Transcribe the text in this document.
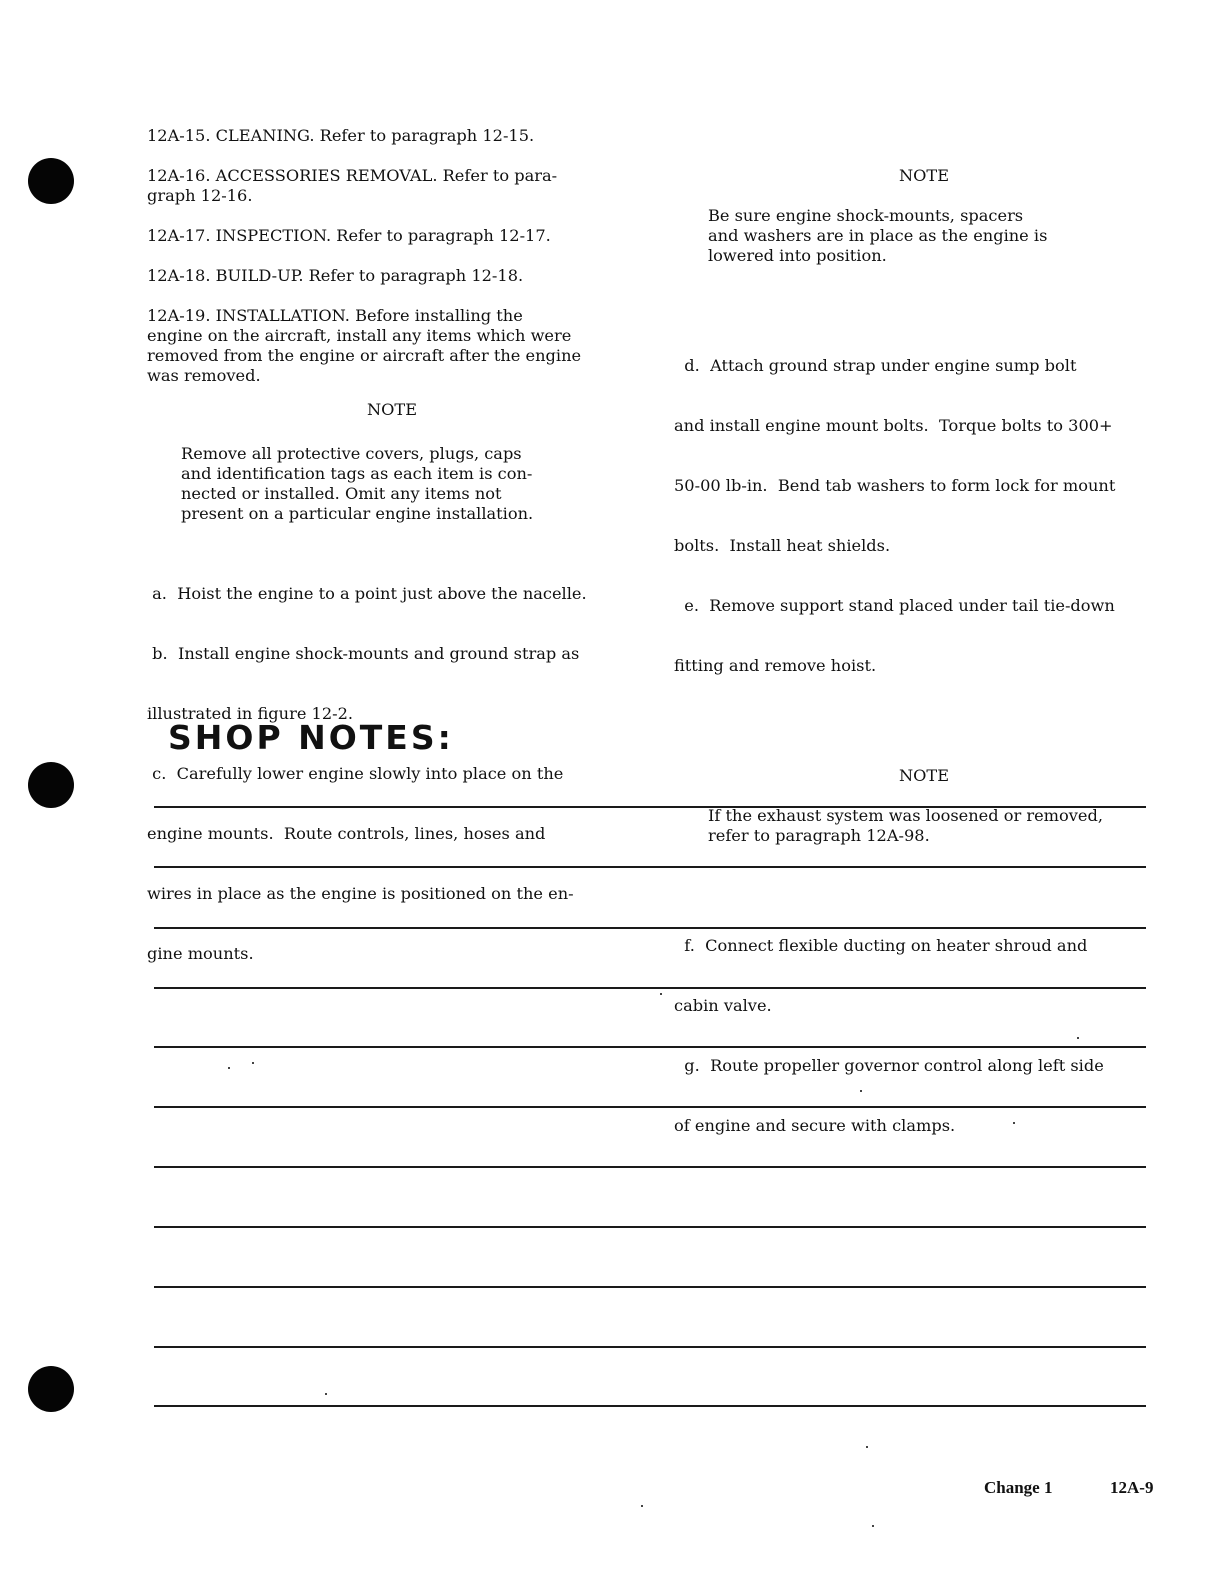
12A-15. CLEANING. Refer to paragraph 12-15.

12A-16. ACCESSORIES REMOVAL. Refer to para-

graph 12-16.

12A-17. INSPECTION. Refer to paragraph 12-17.

12A-18. BUILD-UP. Refer to paragraph 12-18.

12A-19. INSTALLATION. Before installing the

engine on the aircraft, install any items which were

removed from the engine or aircraft after the engine

was removed.

NOTE

Remove all protective covers, plugs, caps

and identification tags as each item is con-

nected or installed. Omit any items not

present on a particular engine installation.

a.  Hoist the engine to a point just above the nacelle.

b.  Install engine shock-mounts and ground strap as

illustrated in figure 12-2.

c.  Carefully lower engine slowly into place on the

engine mounts.  Route controls, lines, hoses and

wires in place as the engine is positioned on the en-

gine mounts.

NOTE

Be sure engine shock-mounts, spacers

and washers are in place as the engine is

lowered into position.

d.  Attach ground strap under engine sump bolt

and install engine mount bolts.  Torque bolts to 300+

50-00 lb-in.  Bend tab washers to form lock for mount

bolts.  Install heat shields.

e.  Remove support stand placed under tail tie-down

fitting and remove hoist.

NOTE

If the exhaust system was loosened or removed,

refer to paragraph 12A-98.

f.  Connect flexible ducting on heater shroud and

cabin valve.

g.  Route propeller governor control along left side

of engine and secure with clamps.

SHOP NOTES:
Change 1	12A-9
